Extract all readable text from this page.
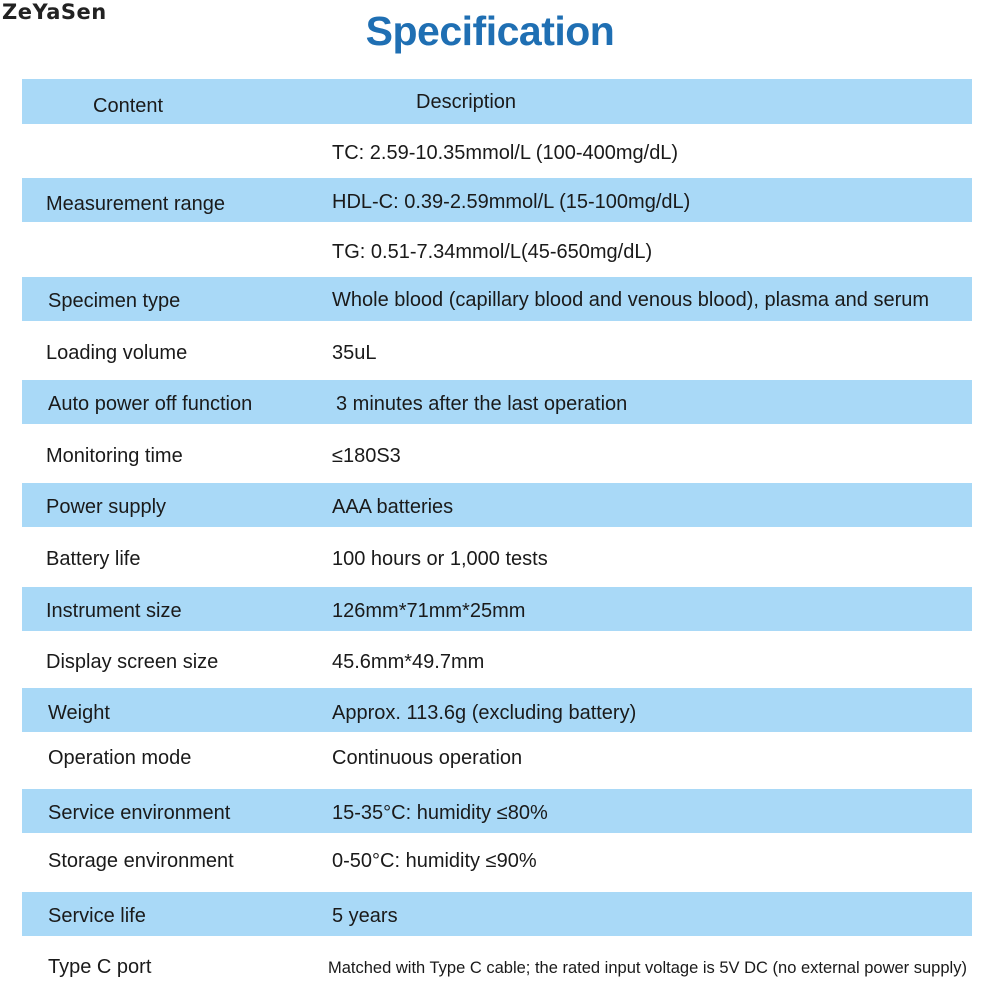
ZeYaSen	Specification
Content	Description
TC: 2.59-10.35mmol/L (100-400mg/dL)
Measurement range	HDL-C: 0.39-2.59mmol/L (15-100mg/dL)
TG: 0.51-7.34mmol/L(45-650mg/dL)
Specimen type	Whole blood (capillary blood and venous blood), plasma and serum
Loading volume	35uL
Auto power off function	3 minutes after the last operation
Monitoring time	≤180S3
Power supply	AAA batteries
Battery life	100 hours or 1,000 tests
Instrument size	126mm*71mm*25mm
Display screen size	45.6mm*49.7mm
Weight	Approx. 113.6g (excluding battery)
Operation mode	Continuous operation
Service environment	15-35°C: humidity ≤80%
Storage environment	0-50°C: humidity ≤90%
Service life	5 years
Type C port	Matched with Type C cable; the rated input voltage is 5V DC (no external power supply)
